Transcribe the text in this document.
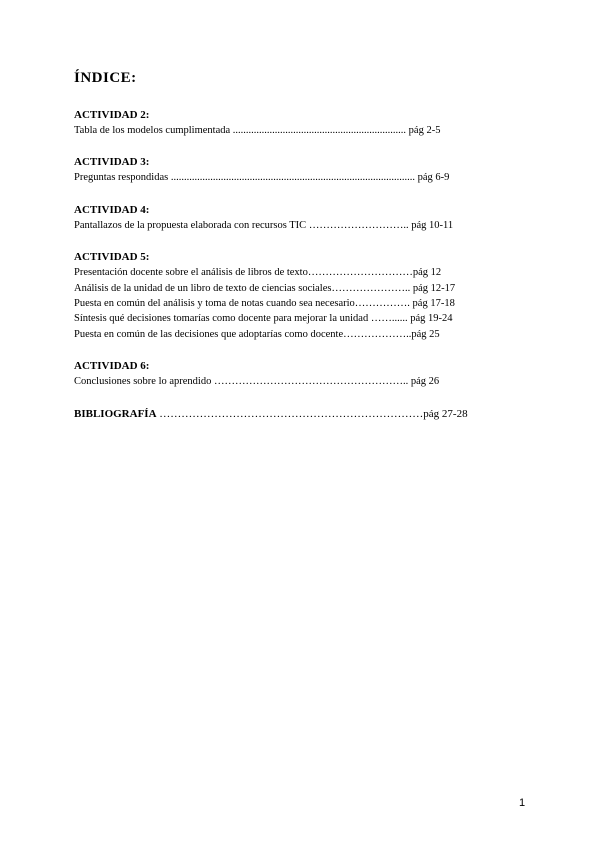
ÍNDICE:

ACTIVIDAD 2:

Tabla de los modelos cumplimentada .................................................................. pág 2-5

ACTIVIDAD 3:

Preguntas respondidas ............................................................................................. pág 6-9

ACTIVIDAD 4:

Pantallazos de la propuesta elaborada con recursos TIC ……………………….. pág 10-11

ACTIVIDAD 5:

Presentación docente sobre el análisis de libros de texto…………………………pág 12

Análisis de la unidad de un libro de texto de ciencias sociales………………….. pág 12-17

Puesta en común del análisis y toma de notas cuando sea necesario……………. pág 17-18

Síntesis qué decisiones tomarías como docente para mejorar la unidad ……...... pág 19-24

Puesta en común de las decisiones que adoptarías como docente………………..pág 25

ACTIVIDAD 6:

Conclusiones sobre lo aprendido ……………………………………………….. pág 26

BIBLIOGRAFÍA ………………………………………………………………pág 27-28

1
